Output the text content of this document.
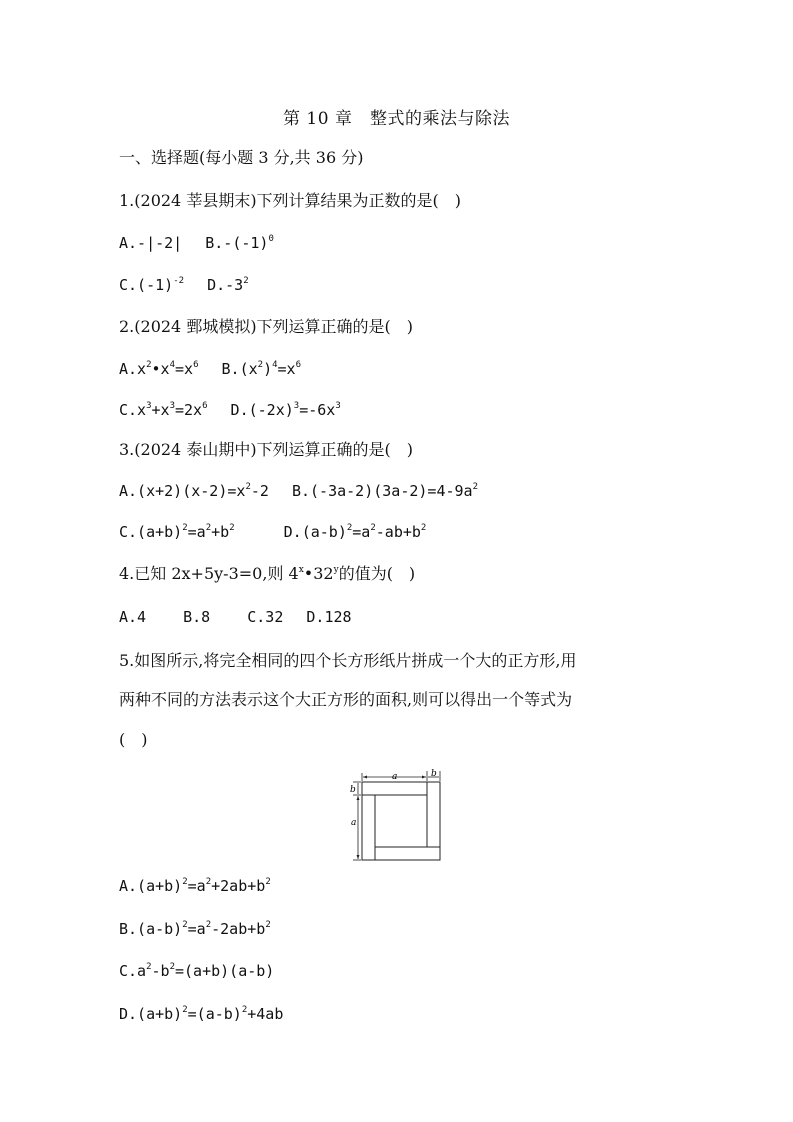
第 10 章　整式的乘法与除法
一、选择题(每小题 3 分,共 36 分)
1.(2024 莘县期末)下列计算结果为正数的是(　)
A.-|-2| $B.-(-1)^0$
$C.(-1)^{-2}$ $D.-3^2$
2.(2024 鄄城模拟)下列运算正确的是(　)
$A.x^2•x^4=x^6$ $B.(x^2)^4=x^6$
$C.x^3+x^3=2x^6$ $D.(-2x)^3=-6x^3$
3.(2024 泰山期中)下列运算正确的是(　)
$A.(x+2)(x-2)=x^2-2$ $B.(-3a-2)(3a-2)=4-9a^2$
$C.(a+b)^2=a^2+b^2$	$D.(a-b)^2=a^2-ab+b^2$
4.已知 2x+5y-3=0,则 4$^x$•32$^y$的值为(　)
A.4 B.8 C.32 D.128
5.如图所示,将完全相同的四个长方形纸片拼成一个大的正方形,用
两种不同的方法表示这个大正方形的面积,则可以得出一个等式为
(　)
a	b
b
a
$A.(a+b)^2=a^2+2ab+b^2$
$B.(a-b)^2=a^2-2ab+b^2$
$C.a^2-b^2=(a+b)(a-b)$
$D.(a+b)^2=(a-b)^2+4ab$
